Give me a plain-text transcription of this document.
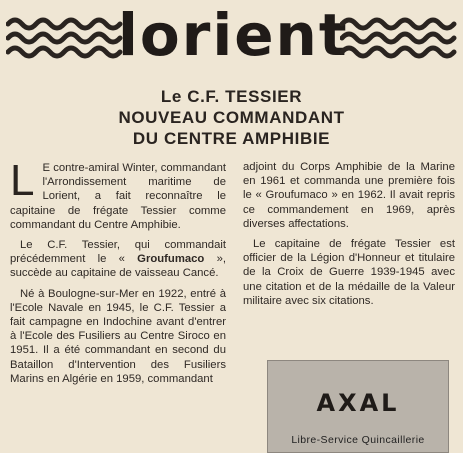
lorient
Le C.F. TESSIER
NOUVEAU COMMANDANT
DU CENTRE AMPHIBIE

L E contre-amiral Winter, commandant l'Arrondissement maritime de Lorient, a fait reconnaître le capitaine de frégate Tessier comme commandant du Centre Amphibie.

Le C.F. Tessier, qui commandait précédemment le « Groufumaco », succède au capitaine de vaisseau Cancé.

Né à Boulogne-sur-Mer en 1922, entré à l'Ecole Navale en 1945, le C.F. Tessier a fait campagne en Indochine avant d'entrer à l'Ecole des Fusiliers au Centre Siroco en 1951. Il a été commandant en second du Bataillon d'Intervention des Fusiliers Marins en Algérie en 1959, commandant

adjoint du Corps Amphibie de la Marine en 1961 et commanda une première fois le « Groufumaco » en 1962. Il avait repris ce commandement en 1969, après diverses affectations.

Le capitaine de frégate Tessier est officier de la Légion d'Honneur et titulaire de la Croix de Guerre 1939-1945 avec une citation et de la médaille de la Valeur militaire avec six citations.

AXAL
Libre-Service Quincaillerie
